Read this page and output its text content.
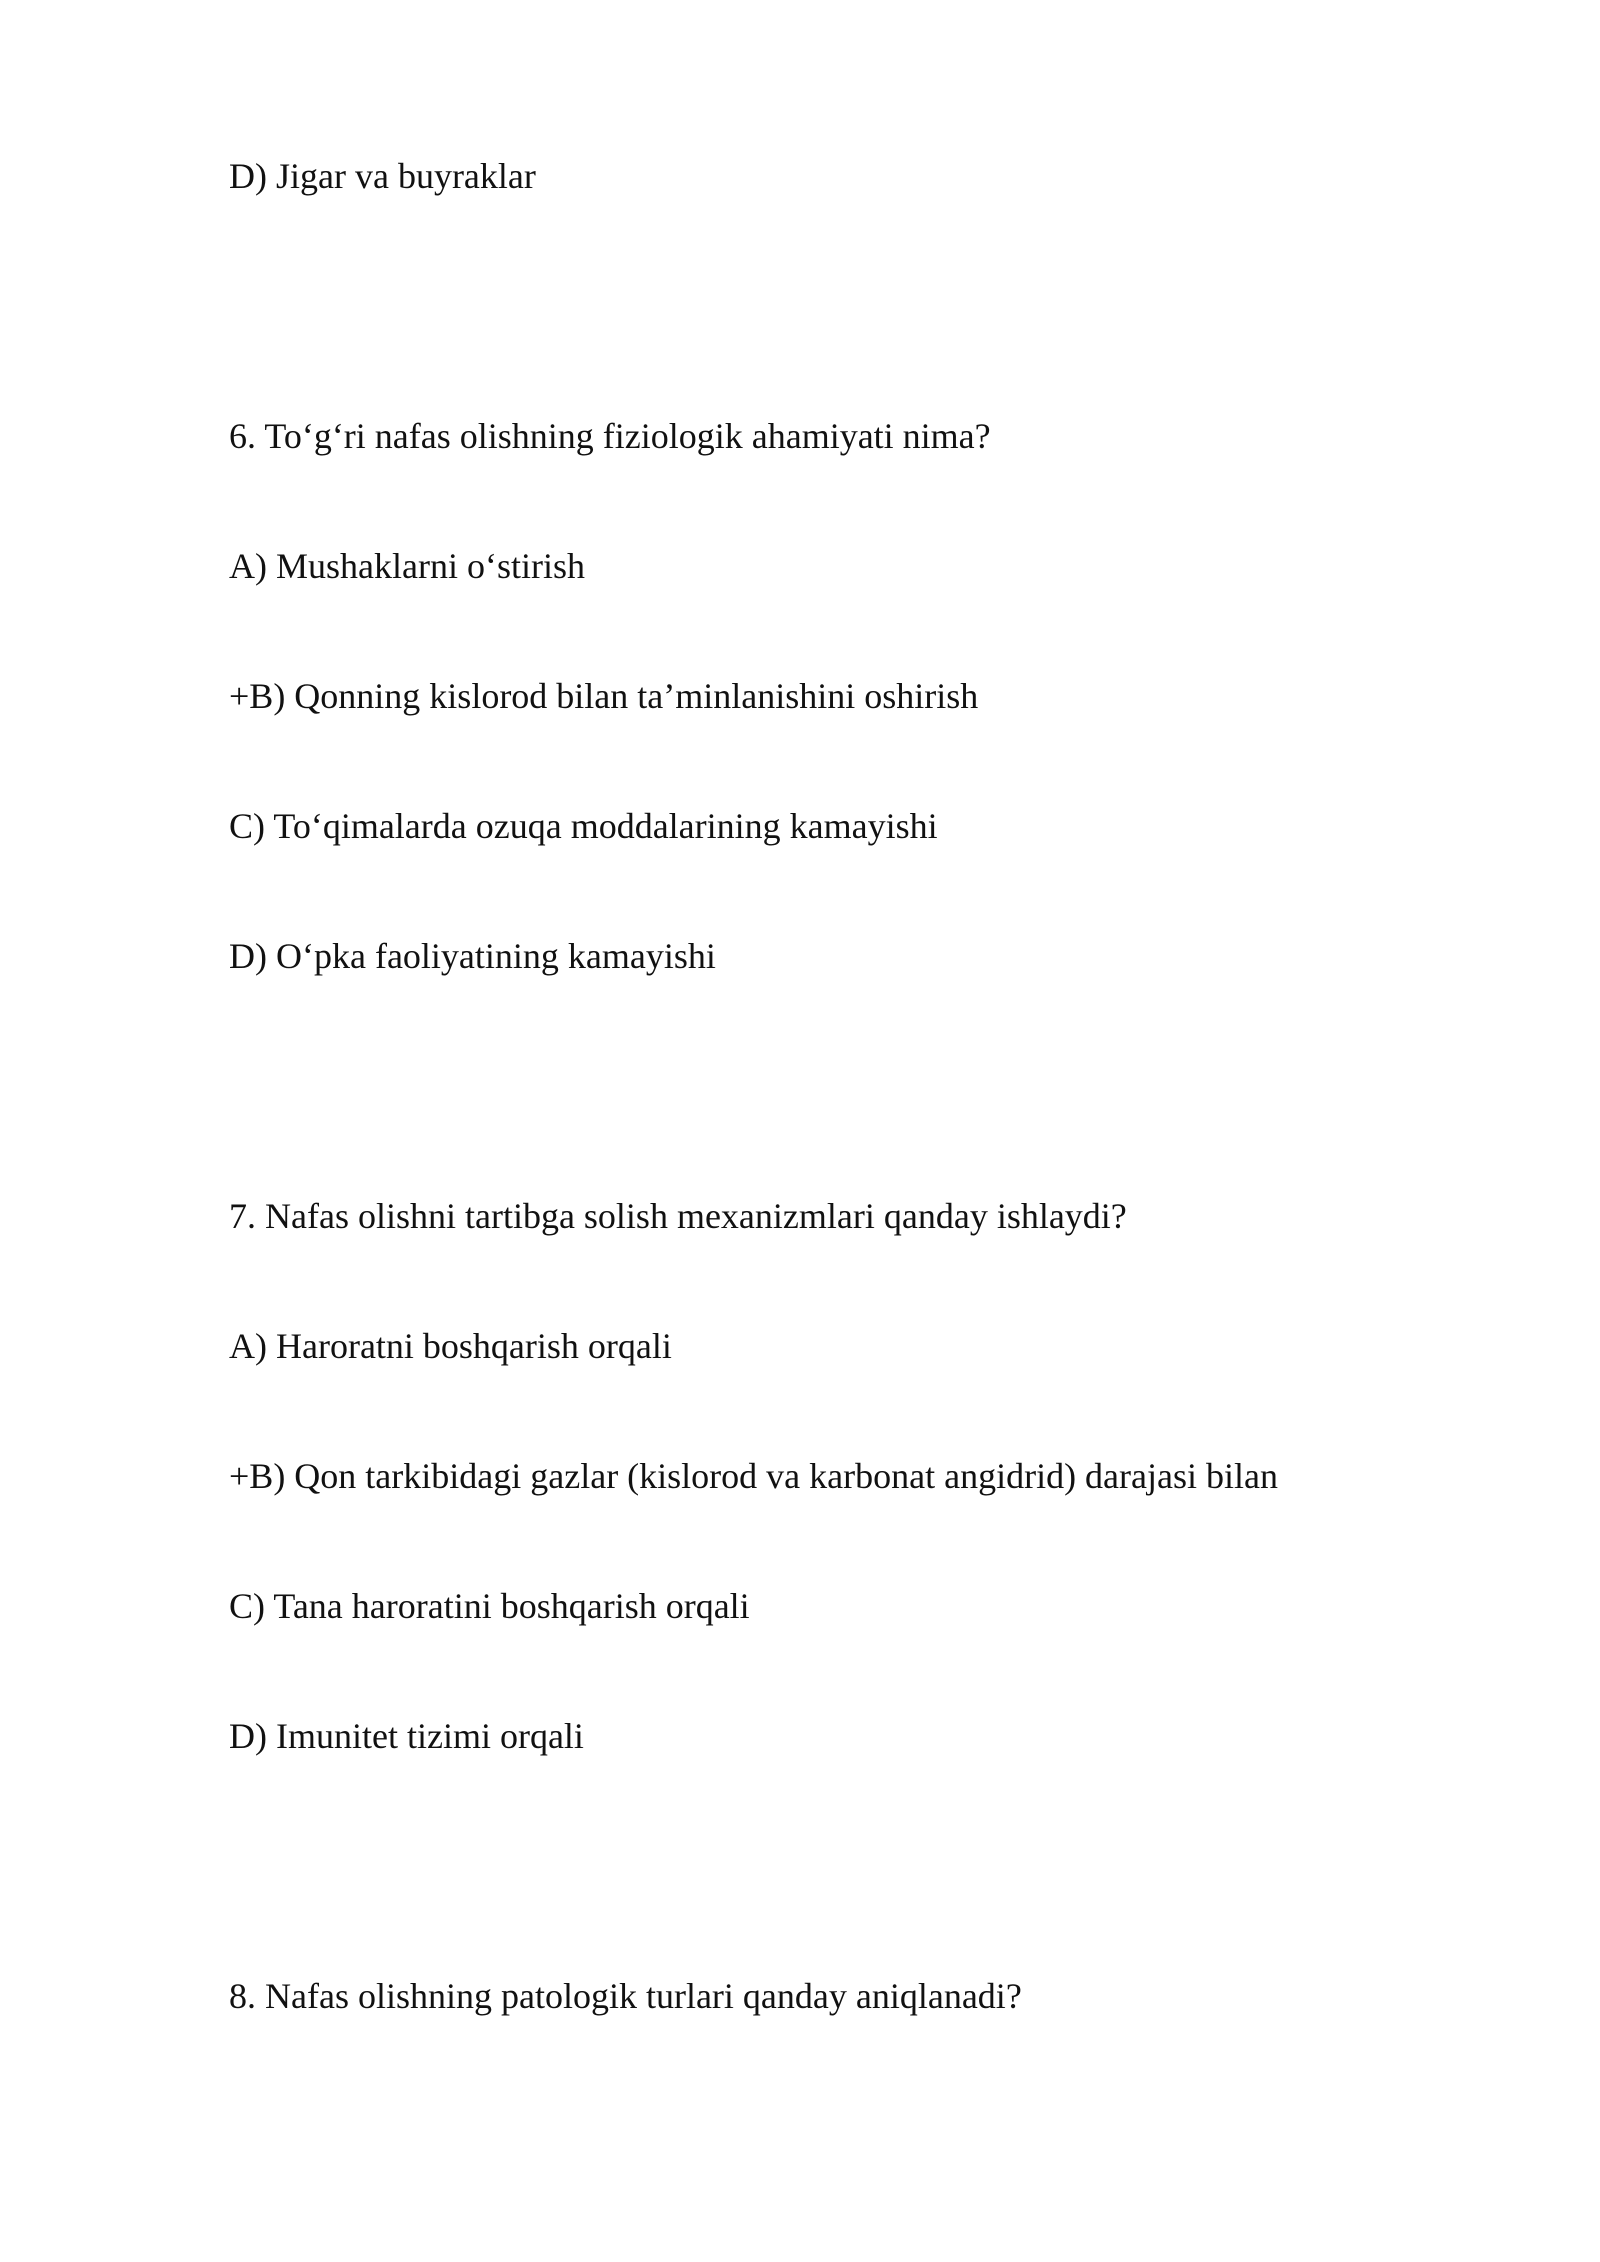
D) Jigar va buyraklar

6. To‘g‘ri nafas olishning fiziologik ahamiyati nima?

A) Mushaklarni o‘stirish

+B) Qonning kislorod bilan ta’minlanishini oshirish

C) To‘qimalarda ozuqa moddalarining kamayishi

D) O‘pka faoliyatining kamayishi

7. Nafas olishni tartibga solish mexanizmlari qanday ishlaydi?

A) Haroratni boshqarish orqali

+B) Qon tarkibidagi gazlar (kislorod va karbonat angidrid) darajasi bilan

C) Tana haroratini boshqarish orqali

D) Imunitet tizimi orqali

8. Nafas olishning patologik turlari qanday aniqlanadi?
